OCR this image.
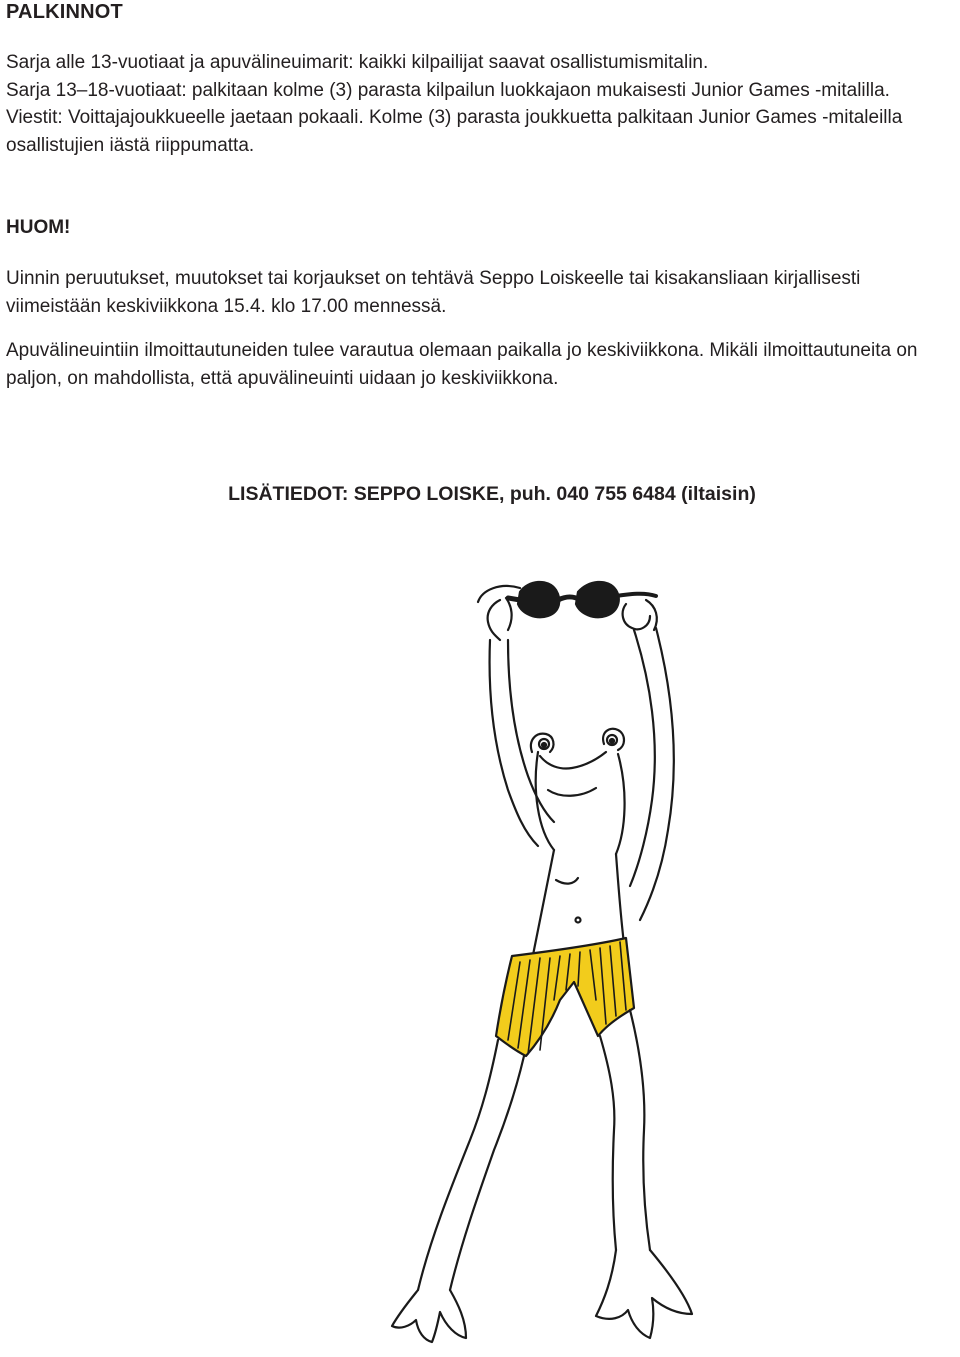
PALKINNOT

Sarja alle 13-vuotiaat ja apuvälineuimarit: kaikki kilpailijat saavat osallistumismitalin.

Sarja 13–18-vuotiaat: palkitaan kolme (3) parasta kilpailun luokkajaon mukaisesti Junior Games -mitalilla.

Viestit: Voittajajoukkueelle jaetaan pokaali. Kolme (3) parasta joukkuetta palkitaan Junior Games -mitaleilla osallistujien iästä riippumatta.

HUOM!

Uinnin peruutukset, muutokset tai korjaukset on tehtävä Seppo Loiskeelle tai kisakansliaan kirjallisesti viimeistään keskiviikkona 15.4. klo 17.00 mennessä.

Apuvälineuintiin ilmoittautuneiden tulee varautua olemaan paikalla jo keskiviikkona. Mikäli ilmoittautuneita on paljon, on mahdollista, että apuvälineuinti uidaan jo keskiviikkona.

LISÄTIEDOT: SEPPO LOISKE, puh. 040 755 6484 (iltaisin)
